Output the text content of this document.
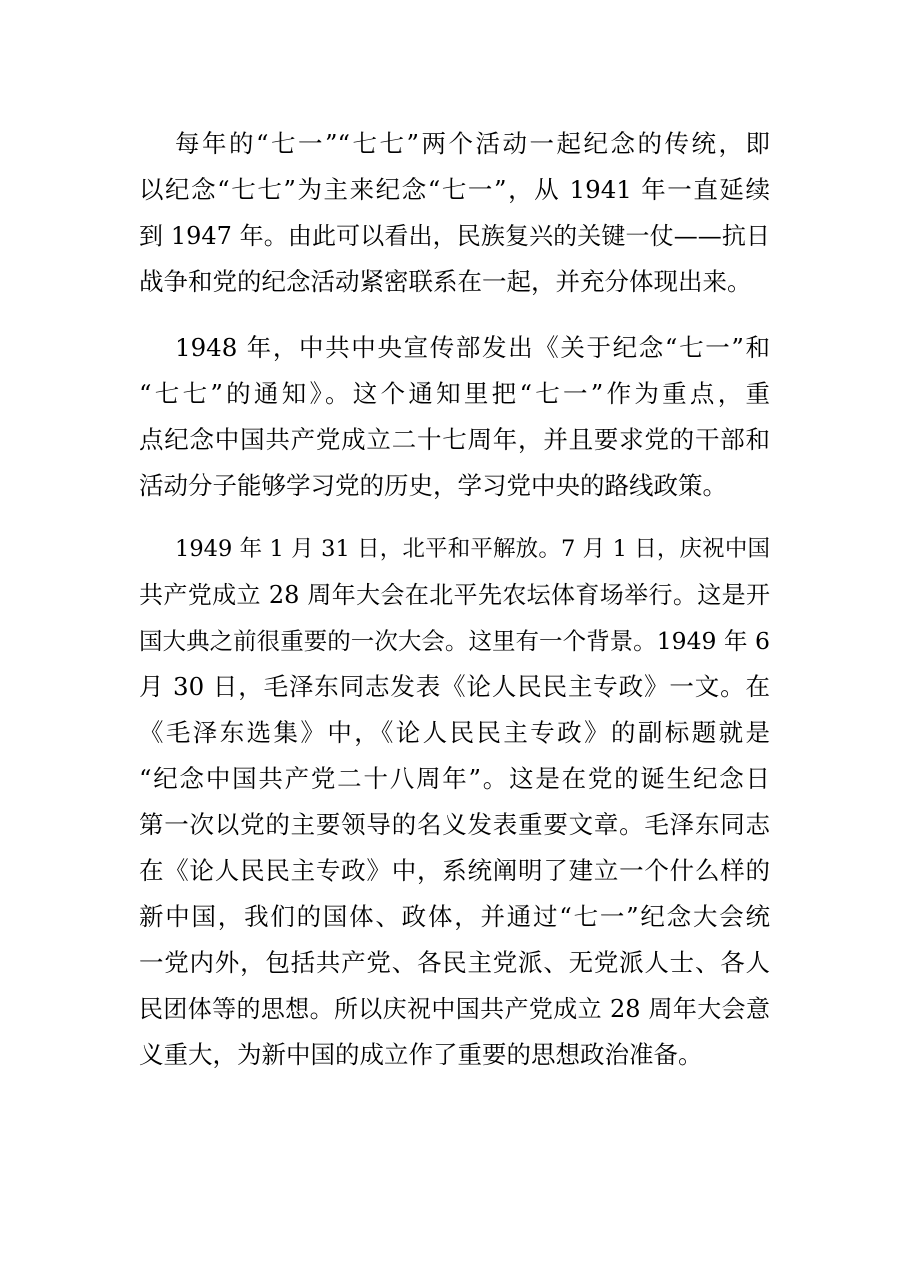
每年的“七一”“七七”两个活动一起纪念的传统，即
以纪念“七七”为主来纪念“七一”，从 1941 年一直延续
到 1947 年。由此可以看出，民族复兴的关键一仗——抗日
战争和党的纪念活动紧密联系在一起，并充分体现出来。
1948 年，中共中央宣传部发出《关于纪念“七一”和
“七七”的通知》。这个通知里把“七一”作为重点，重
点纪念中国共产党成立二十七周年，并且要求党的干部和
活动分子能够学习党的历史，学习党中央的路线政策。
1949 年 1 月 31 日，北平和平解放。7 月 1 日，庆祝中国
共产党成立 28 周年大会在北平先农坛体育场举行。这是开
国大典之前很重要的一次大会。这里有一个背景。1949 年 6
月 30 日，毛泽东同志发表《论人民民主专政》一文。在
《毛泽东选集》中，《论人民民主专政》的副标题就是
“纪念中国共产党二十八周年”。这是在党的诞生纪念日
第一次以党的主要领导的名义发表重要文章。毛泽东同志
在《论人民民主专政》中，系统阐明了建立一个什么样的
新中国，我们的国体、政体，并通过“七一”纪念大会统
一党内外，包括共产党、各民主党派、无党派人士、各人
民团体等的思想。所以庆祝中国共产党成立 28 周年大会意
义重大，为新中国的成立作了重要的思想政治准备。
